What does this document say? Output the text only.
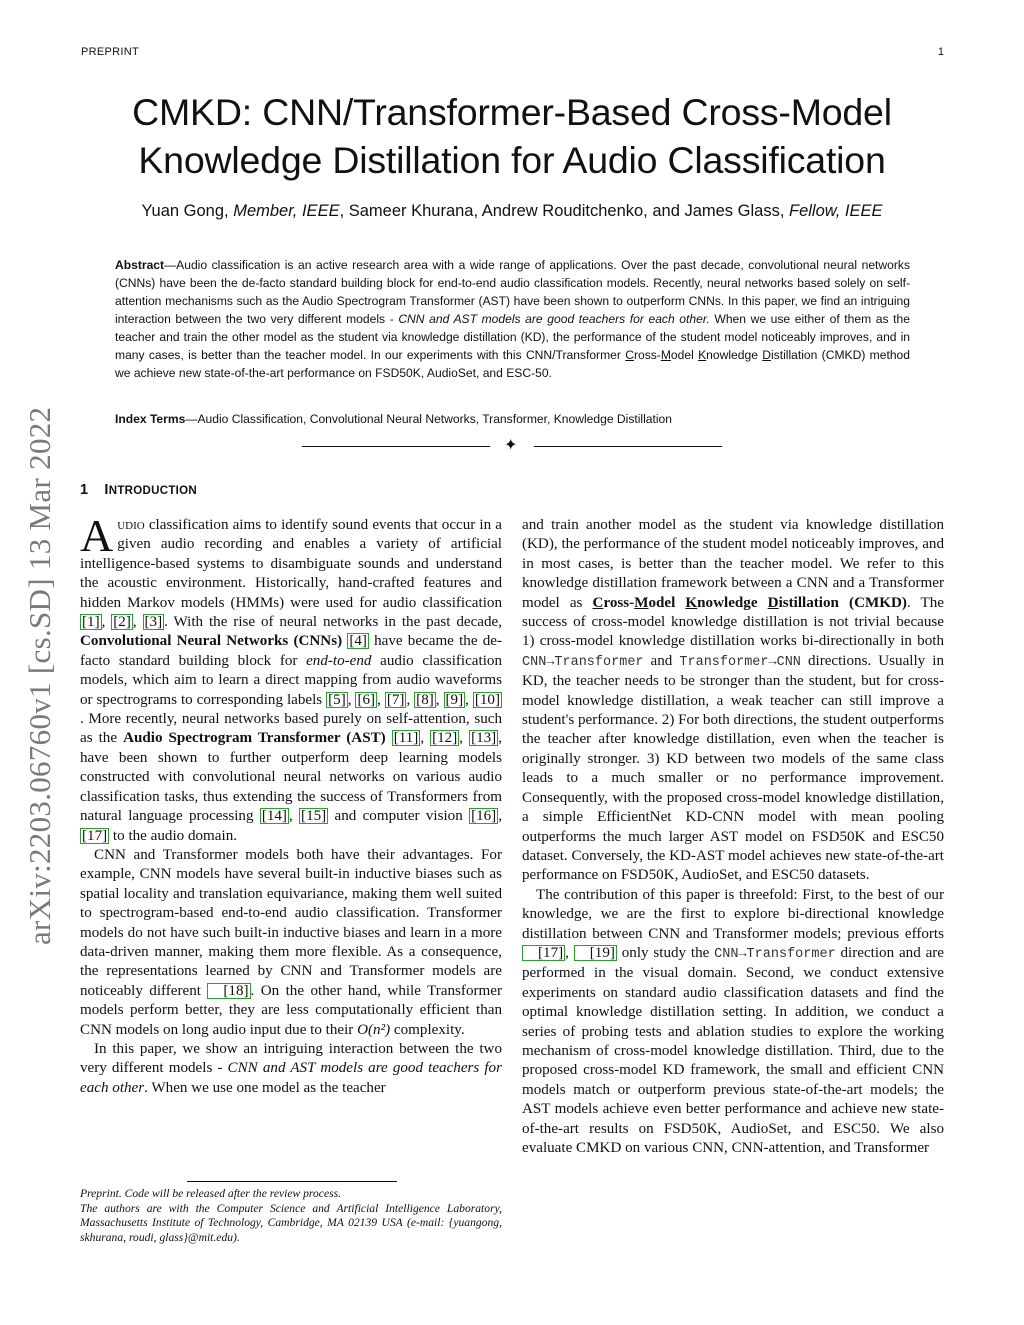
PREPRINT	1
arXiv:2203.06760v1 [cs.SD] 13 Mar 2022
CMKD: CNN/Transformer-Based Cross-Model
Knowledge Distillation for Audio Classification
Yuan Gong, Member, IEEE, Sameer Khurana, Andrew Rouditchenko, and James Glass, Fellow, IEEE
Abstract—Audio classification is an active research area with a wide range of applications. Over the past decade, convolutional neural networks (CNNs) have been the de-facto standard building block for end-to-end audio classification models. Recently, neural networks based solely on self-attention mechanisms such as the Audio Spectrogram Transformer (AST) have been shown to outperform CNNs. In this paper, we find an intriguing interaction between the two very different models - CNN and AST models are good teachers for each other. When we use either of them as the teacher and train the other model as the student via knowledge distillation (KD), the performance of the student model noticeably improves, and in many cases, is better than the teacher model. In our experiments with this CNN/Transformer Cross-Model Knowledge Distillation (CMKD) method we achieve new state-of-the-art performance on FSD50K, AudioSet, and ESC-50.
Index Terms—Audio Classification, Convolutional Neural Networks, Transformer, Knowledge Distillation
✦
1 INTRODUCTION

Audio classification aims to identify sound events that occur in a given audio recording and enables a variety of artificial intelligence-based systems to disambiguate sounds and understand the acoustic environment. Historically, hand-crafted features and hidden Markov models (HMMs) were used for audio classification [1] , [2] , [3] . With the rise of neural networks in the past decade, Convolutional Neural Networks (CNNs) [4] have became the de-facto standard building block for end-to-end audio classification models, which aim to learn a direct mapping from audio waveforms or spectrograms to corresponding labels [5] , [6] , [7] , [8] , [9] , [10]. More recently, neural networks based purely on self-attention, such as the Audio Spectrogram Transformer (AST) [11] , [12] , [13] , have been shown to further outperform deep learning models constructed with convolutional neural networks on various audio classification tasks, thus extending the success of Transformers from natural language processing [14] , [15] and computer vision [16] , [17] to the audio domain.

CNN and Transformer models both have their advantages. For example, CNN models have several built-in inductive biases such as spatial locality and translation equivariance, making them well suited to spectrogram-based end-to-end audio classification. Transformer models do not have such built-in inductive biases and learn in a more data-driven manner, making them more flexible. As a consequence, the representations learned by CNN and Transformer models are noticeably different [18] . On the other hand, while Transformer models perform better, they are less computationally efficient than CNN models on long audio input due to their O(n²) complexity.

In this paper, we show an intriguing interaction between the two very different models - CNN and AST models are good teachers for each other. When we use one model as the teacher

and train another model as the student via knowledge distillation (KD), the performance of the student model noticeably improves, and in most cases, is better than the teacher model. We refer to this knowledge distillation framework between a CNN and a Transformer model as Cross-Model Knowledge Distillation (CMKD). The success of cross-model knowledge distillation is not trivial because 1) cross-model knowledge distillation works bi-directionally in both CNN→Transformer and Transformer→CNN directions. Usually in KD, the teacher needs to be stronger than the student, but for cross-model knowledge distillation, a weak teacher can still improve a student's performance. 2) For both directions, the student outperforms the teacher after knowledge distillation, even when the teacher is originally stronger. 3) KD between two models of the same class leads to a much smaller or no performance improvement. Consequently, with the proposed cross-model knowledge distillation, a simple EfficientNet KD-CNN model with mean pooling outperforms the much larger AST model on FSD50K and ESC50 dataset. Conversely, the KD-AST model achieves new state-of-the-art performance on FSD50K, AudioSet, and ESC50 datasets.

The contribution of this paper is threefold: First, to the best of our knowledge, we are the first to explore bi-directional knowledge distillation between CNN and Transformer models; previous efforts [17] , [19] only study the CNN→Transformer direction and are performed in the visual domain. Second, we conduct extensive experiments on standard audio classification datasets and find the optimal knowledge distillation setting. In addition, we conduct a series of probing tests and ablation studies to explore the working mechanism of cross-model knowledge distillation. Third, due to the proposed cross-model KD framework, the small and efficient CNN models match or outperform previous state-of-the-art models; the AST models achieve even better performance and achieve new state-of-the-art results on FSD50K, AudioSet, and ESC50. We also evaluate CMKD on various CNN, CNN-attention, and Transformer

Preprint. Code will be released after the review process.
The authors are with the Computer Science and Artificial Intelligence Laboratory, Massachusetts Institute of Technology, Cambridge, MA 02139 USA (e-mail: {yuangong, skhurana, roudi, glass}@mit.edu).
